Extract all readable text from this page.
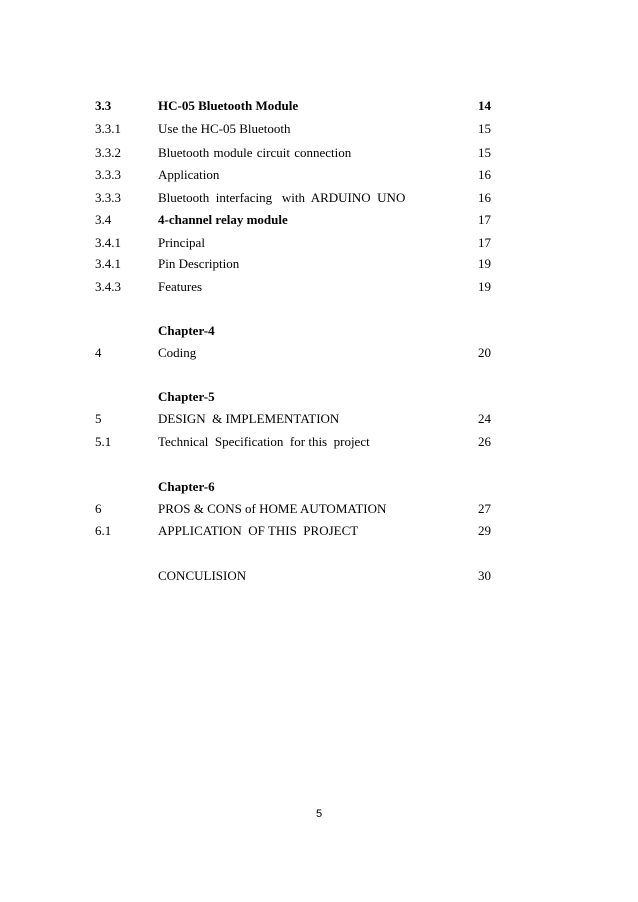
3.3	HC-05 Bluetooth Module	14
3.3.1	Use the HC-05 Bluetooth	15
3.3.2	Bluetooth module circuit connection	15
3.3.3	Application	16
3.3.3	Bluetooth  interfacing   with  ARDUINO  UNO	16
3.4	4-channel relay module	17
3.4.1	Principal	17
3.4.1	Pin Description	19
3.4.3	Features	19
Chapter-4
4	Coding	20
Chapter-5
5	DESIGN  & IMPLEMENTATION	24
5.1	Technical  Specification  for this  project	26
Chapter-6
6	PROS & CONS of HOME AUTOMATION	27
6.1	APPLICATION  OF THIS  PROJECT	29
CONCULISION	30
5
